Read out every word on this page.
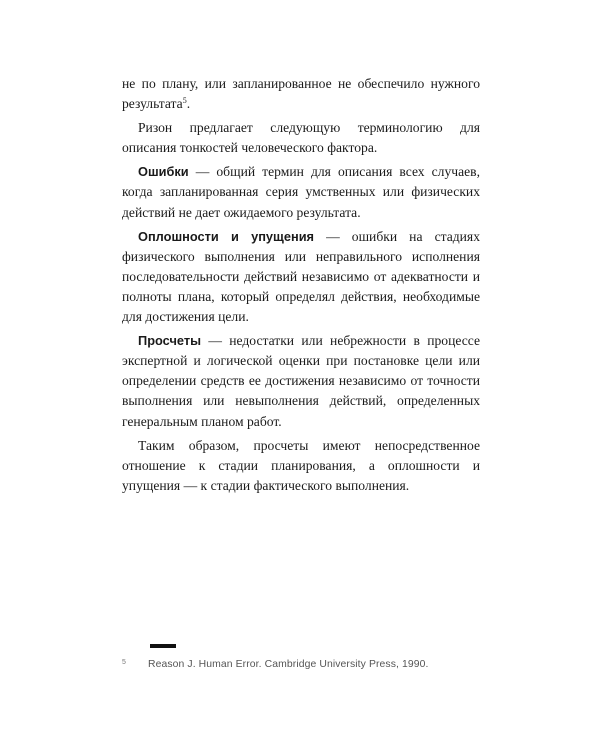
не по плану, или запланированное не обеспечило нужного результата$^5$.

Ризон предлагает следующую терминологию для описания тонкостей человеческого фактора.

Ошибки — общий термин для описания всех случаев, когда запланированная серия умственных или физических действий не дает ожидаемого результата.

Оплошности и упущения — ошибки на стадиях физического выполнения или неправильного исполнения последовательности действий независимо от адекватности и полноты плана, который определял действия, необходимые для достижения цели.

Просчеты — недостатки или небрежности в процессе экспертной и логической оценки при постановке цели или определении средств ее достижения независимо от точности выполнения или невыполнения действий, определенных генеральным планом работ.

Таким образом, просчеты имеют непосредственное отношение к стадии планирования, а оплошности и упущения — к стадии фактического выполнения.

5 Reason J. Human Error. Cambridge University Press, 1990.
